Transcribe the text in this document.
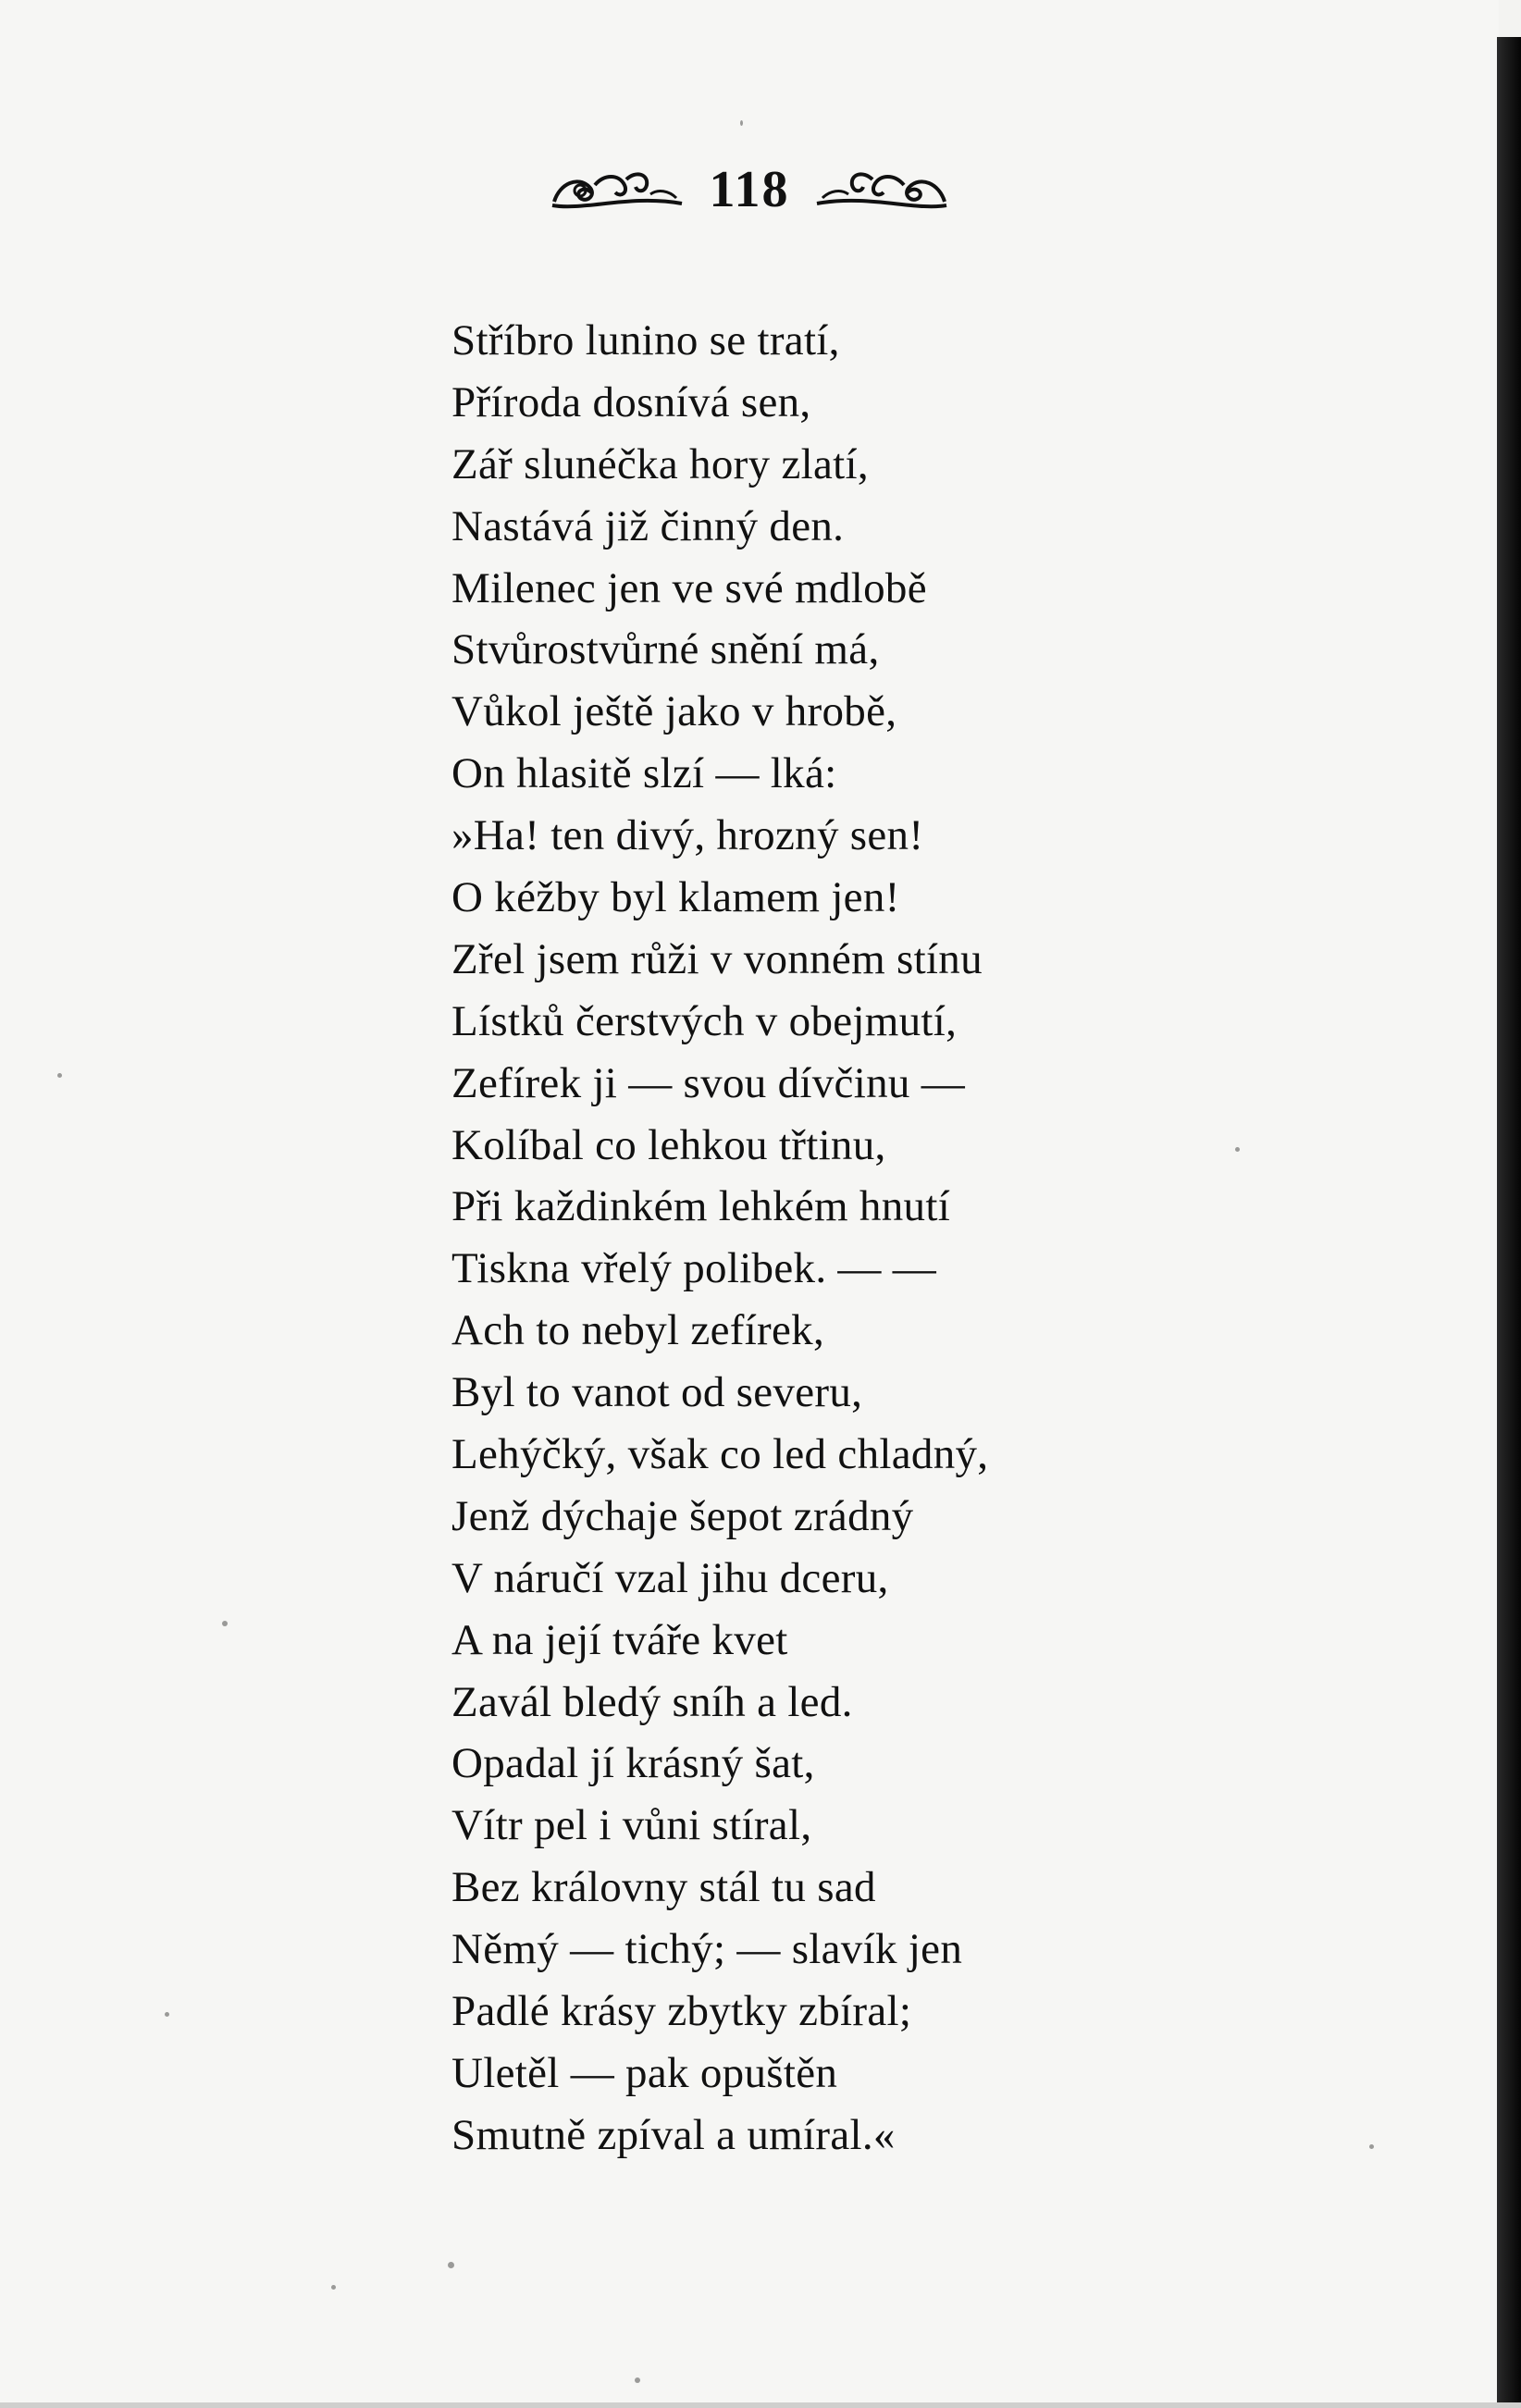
118
Stříbro lunino se tratí,
Příroda dosnívá sen,
Zář slunéčka hory zlatí,
Nastává již činný den.
Milenec jen ve své mdlobě
Stvůrostvůrné snění má,
Vůkol ještě jako v hrobě,
On hlasitě slzí — lká:
»Ha! ten divý, hrozný sen!
O kéžby byl klamem jen!
Zřel jsem růži v vonném stínu
Lístků čerstvých v obejmutí,
Zefírek ji — svou dívčinu —
Kolíbal co lehkou třtinu,
Při každinkém lehkém hnutí
Tiskna vřelý polibek. — —
Ach to nebyl zefírek,
Byl to vanot od severu,
Lehýčký, však co led chladný,
Jenž dýchaje šepot zrádný
V náručí vzal jihu dceru,
A na její tváře kvet
Zavál bledý sníh a led.
Opadal jí krásný šat,
Vítr pel i vůni stíral,
Bez královny stál tu sad
Němý — tichý; — slavík jen
Padlé krásy zbytky zbíral;
Uletěl — pak opuštěn
Smutně zpíval a umíral.«
